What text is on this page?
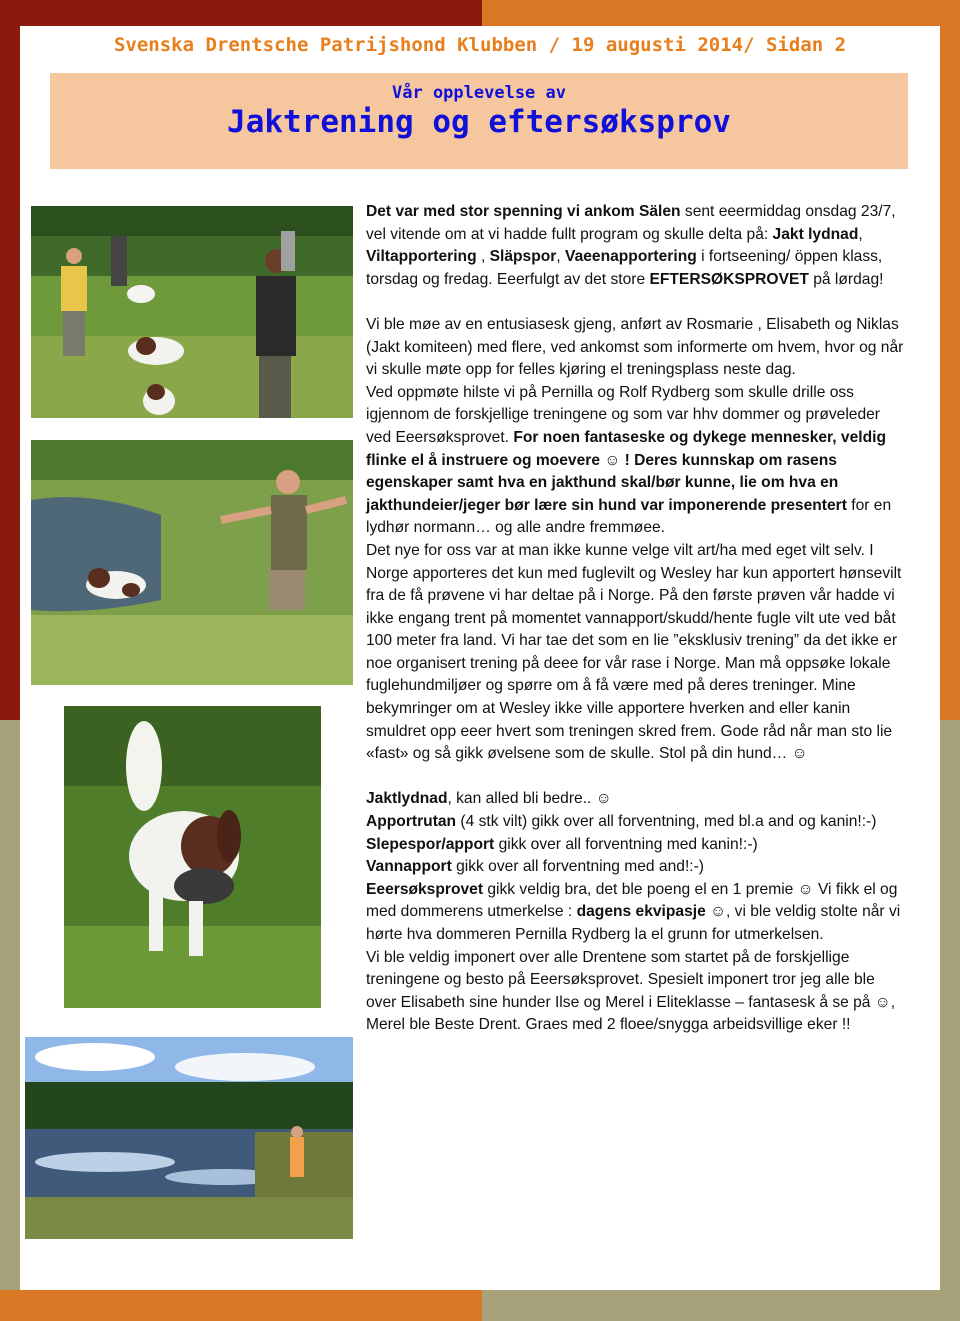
Svenska Drentsche Patrijshond Klubben / 19 augusti 2014/ Sidan 2
Vår opplevelse av
Jaktrening og eftersøksprov

Det var med stor spenning vi ankom Sälen sent eeermiddag onsdag 23/7, vel vitende om at vi hadde fullt program og skulle delta på: Jakt lydnad, Viltapportering , Släpspor, Vaeenapportering i fortseening/ öppen klass, torsdag og fredag. Eeerfulgt av det store EFTERSØKSPROVET på lørdag!

Vi ble møe av en entusiasesk gjeng, anført av Rosmarie , Elisabeth og Niklas (Jakt komiteen) med flere, ved ankomst som informerte om hvem, hvor og når vi skulle møte opp for felles kjøring el treningsplass neste dag.

Ved oppmøte hilste vi på Pernilla og Rolf Rydberg som skulle drille oss igjennom de forskjellige treningene og som var hhv dommer og prøveleder ved Eeersøksprovet. For noen fantaseske og dykege mennesker, veldig flinke el å instruere og moevere ☺ ! Deres kunnskap om rasens egenskaper samt hva en jakthund skal/bør kunne, lie om hva en jakthundeier/jeger bør lære sin hund var imponerende presentert for en lydhør normann… og alle andre fremmøee.

Det nye for oss var at man ikke kunne velge vilt art/ha med eget vilt selv. I Norge apporteres det kun med fuglevilt og Wesley har kun apportert hønsevilt fra de få prøvene vi har deltae på i Norge. På den første prøven vår hadde vi ikke engang trent på momentet vannapport/skudd/hente fugle vilt ute ved båt 100 meter fra land. Vi har tae det som en lie ”eksklusiv trening” da det ikke er noe organisert trening på deee for vår rase i Norge. Man må oppsøke lokale fuglehundmiljøer og spørre om å få være med på deres treninger. Mine bekymringer om at Wesley ikke ville apportere hverken and eller kanin smuldret opp eeer hvert som treningen skred frem. Gode råd når man sto lie «fast» og så gikk øvelsene som de skulle. Stol på din hund… ☺

Jaktlydnad, kan alled bli bedre.. ☺

Apportrutan (4 stk vilt) gikk over all forventning, med bl.a and og kanin!:-)

Slepespor/apport gikk over all forventning med kanin!:-)

Vannapport gikk over all forventning med and!:-)

Eeersøksprovet gikk veldig bra, det ble poeng el en 1 premie ☺ Vi fikk el og med dommerens utmerkelse : dagens ekvipasje ☺, vi ble veldig stolte når vi hørte hva dommeren Pernilla Rydberg la el grunn for utmerkelsen.

Vi ble veldig imponert over alle Drentene som startet på de forskjellige treningene og besto på Eeersøksprovet. Spesielt imponert tror jeg alle ble over Elisabeth sine hunder Ilse og Merel i Eliteklasse – fantasesk å se på ☺, Merel ble Beste Drent. Graes med 2 floee/snygga arbeidsvillige eker !!
